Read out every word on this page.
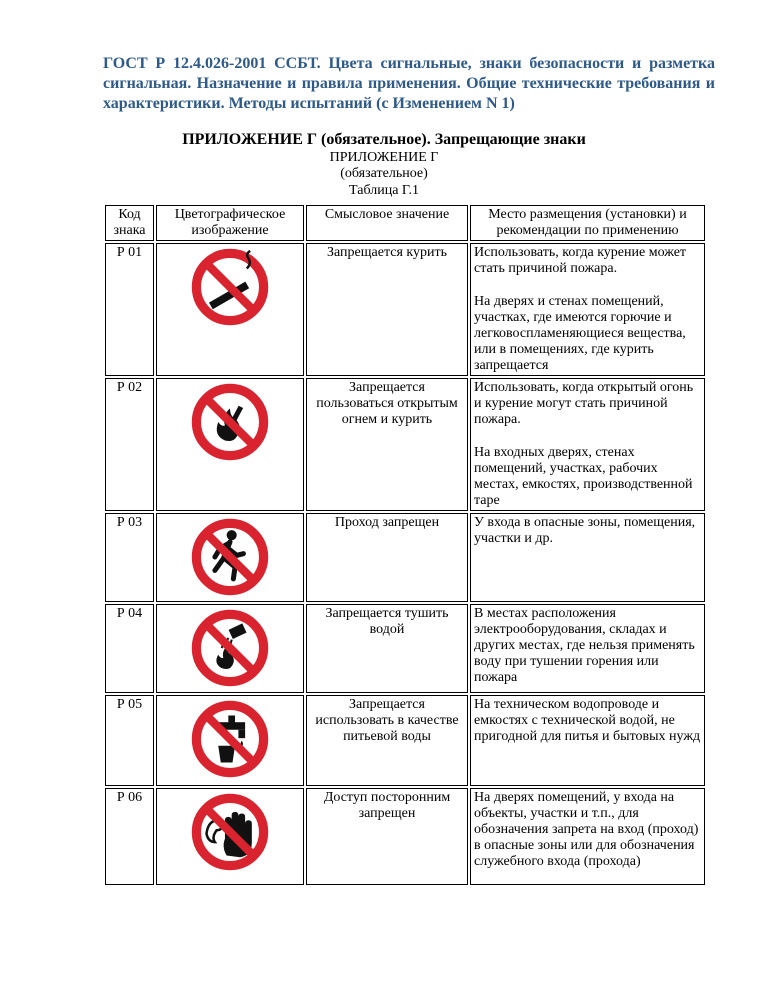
ГОСТ Р 12.4.026-2001 ССБТ. Цвета сигнальные, знаки безопасности и разметка сигнальная. Назначение и правила применения. Общие технические требования и характеристики. Методы испытаний (с Изменением N 1)

ПРИЛОЖЕНИЕ Г (обязательное). Запрещающие знаки

ПРИЛОЖЕНИЕ Г
(обязательное)
Таблица Г.1
Код знака	Цветографическое изображение	Смысловое значение	Место размещения (установки) и рекомендации по применению
Р 01		Запрещается курить	Использовать, когда курение может стать причиной пожара.
На дверях и стенах помещений, участках, где имеются горючие и легковоспламеняющиеся вещества, или в помещениях, где курить запрещается

Р 02		Запрещается пользоваться открытым огнем и курить	Использовать, когда открытый огонь и курение могут стать причиной пожара.
На входных дверях, стенах помещений, участках, рабочих местах, емкостях, производственной таре

Р 03		Проход запрещен	У входа в опасные зоны, помещения, участки и др.

Р 04		Запрещается тушить водой	В местах расположения электрооборудования, складах и других местах, где нельзя применять воду при тушении горения или пожара

Р 05		Запрещается использовать в качестве питьевой воды	На техническом водопроводе и емкостях с технической водой, не пригодной для питья и бытовых нужд

Р 06		Доступ посторонним запрещен	На дверях помещений, у входа на объекты, участки и т.п., для обозначения запрета на вход (проход) в опасные зоны или для обозначения служебного входа (прохода)
